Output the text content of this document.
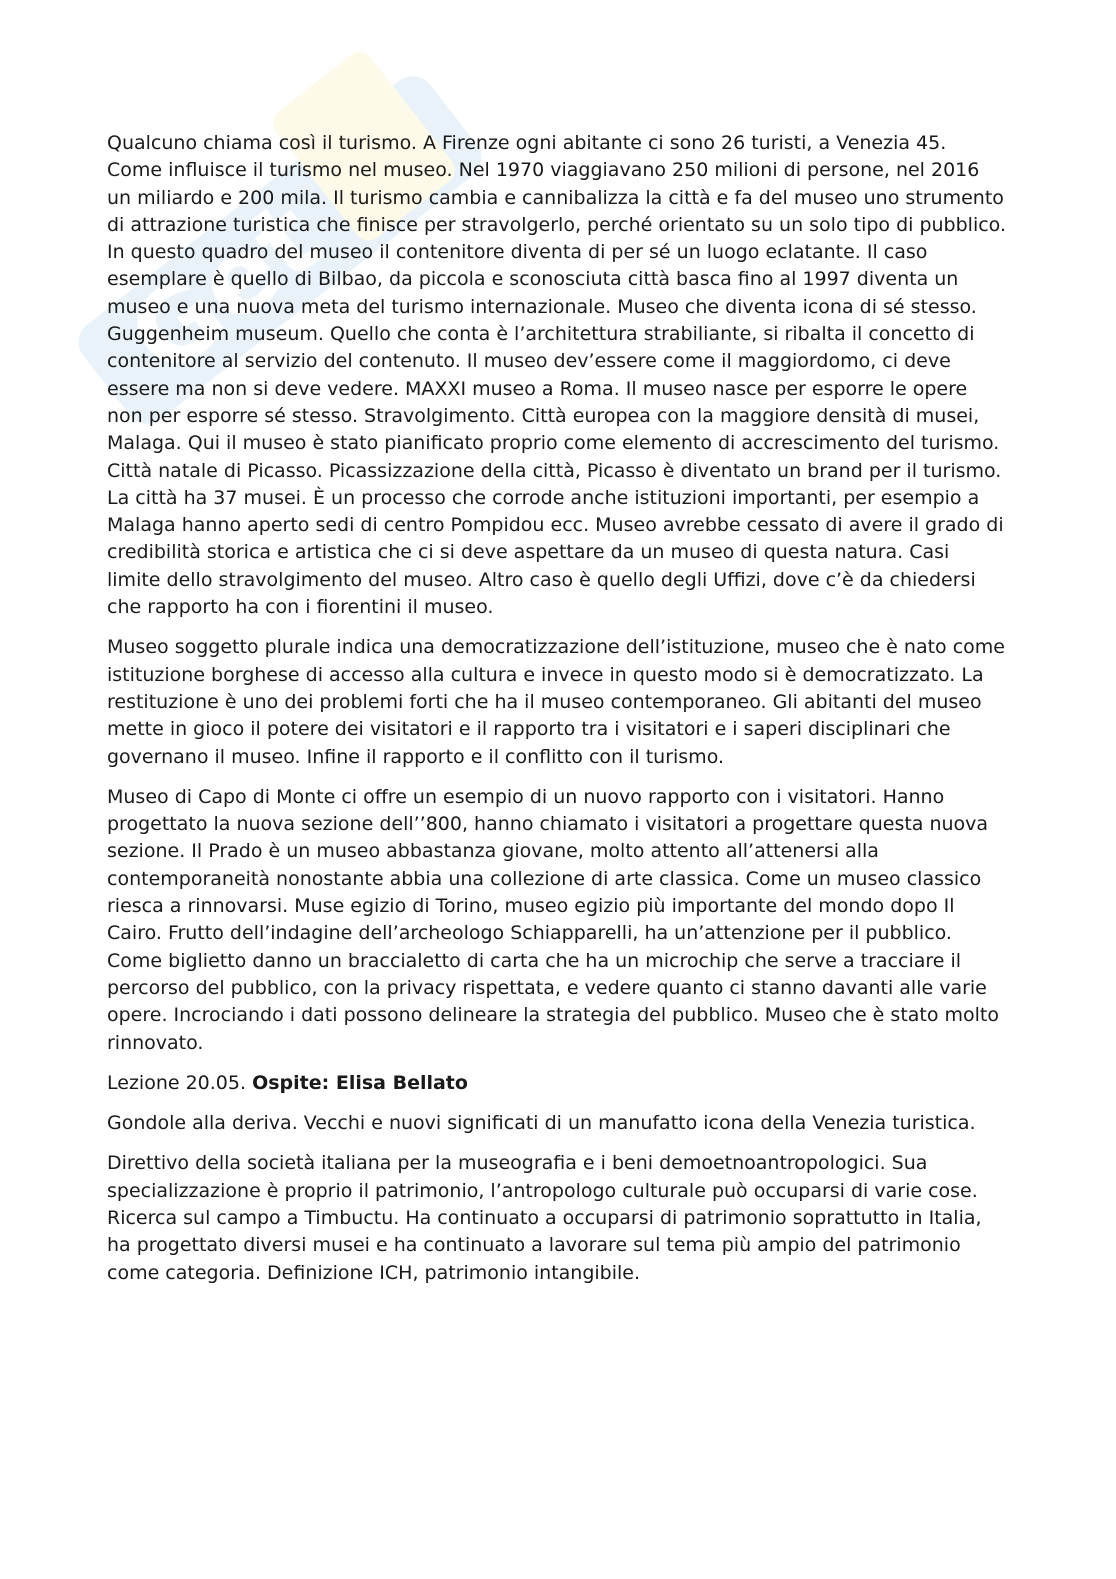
Get

Qualcuno chiama così il turismo. A Firenze ogni abitante ci sono 26 turisti, a Venezia 45. Come influisce il turismo nel museo. Nel 1970 viaggiavano 250 milioni di persone, nel 2016 un miliardo e 200 mila. Il turismo cambia e cannibalizza la città e fa del museo uno strumento di attrazione turistica che finisce per stravolgerlo, perché orientato su un solo tipo di pubblico. In questo quadro del museo il contenitore diventa di per sé un luogo eclatante. Il caso esemplare è quello di Bilbao, da piccola e sconosciuta città basca fino al 1997 diventa un museo e una nuova meta del turismo internazionale. Museo che diventa icona di sé stesso. Guggenheim museum. Quello che conta è l’architettura strabiliante, si ribalta il concetto di contenitore al servizio del contenuto. Il museo dev’essere come il maggiordomo, ci deve essere ma non si deve vedere. MAXXI museo a Roma. Il museo nasce per esporre le opere non per esporre sé stesso. Stravolgimento. Città europea con la maggiore densità di musei, Malaga. Qui il museo è stato pianificato proprio come elemento di accrescimento del turismo. Città natale di Picasso. Picassizzazione della città, Picasso è diventato un brand per il turismo. La città ha 37 musei. È un processo che corrode anche istituzioni importanti, per esempio a Malaga hanno aperto sedi di centro Pompidou ecc. Museo avrebbe cessato di avere il grado di credibilità storica e artistica che ci si deve aspettare da un museo di questa natura. Casi limite dello stravolgimento del museo. Altro caso è quello degli Uffizi, dove c’è da chiedersi che rapporto ha con i fiorentini il museo.

Museo soggetto plurale indica una democratizzazione dell’istituzione, museo che è nato come istituzione borghese di accesso alla cultura e invece in questo modo si è democratizzato. La restituzione è uno dei problemi forti che ha il museo contemporaneo. Gli abitanti del museo mette in gioco il potere dei visitatori e il rapporto tra i visitatori e i saperi disciplinari che governano il museo. Infine il rapporto e il conflitto con il turismo.

Museo di Capo di Monte ci offre un esempio di un nuovo rapporto con i visitatori. Hanno progettato la nuova sezione dell’’800, hanno chiamato i visitatori a progettare questa nuova sezione. Il Prado è un museo abbastanza giovane, molto attento all’attenersi alla contemporaneità nonostante abbia una collezione di arte classica. Come un museo classico riesca a rinnovarsi. Muse egizio di Torino, museo egizio più importante del mondo dopo Il Cairo. Frutto dell’indagine dell’archeologo Schiapparelli, ha un’attenzione per il pubblico. Come biglietto danno un braccialetto di carta che ha un microchip che serve a tracciare il percorso del pubblico, con la privacy rispettata, e vedere quanto ci stanno davanti alle varie opere. Incrociando i dati possono delineare la strategia del pubblico. Museo che è stato molto rinnovato.

Lezione 20.05. Ospite: Elisa Bellato

Gondole alla deriva. Vecchi e nuovi significati di un manufatto icona della Venezia turistica.

Direttivo della società italiana per la museografia e i beni demoetnoantropologici. Sua specializzazione è proprio il patrimonio, l’antropologo culturale può occuparsi di varie cose. Ricerca sul campo a Timbuctu. Ha continuato a occuparsi di patrimonio soprattutto in Italia, ha progettato diversi musei e ha continuato a lavorare sul tema più ampio del patrimonio come categoria. Definizione ICH, patrimonio intangibile.
